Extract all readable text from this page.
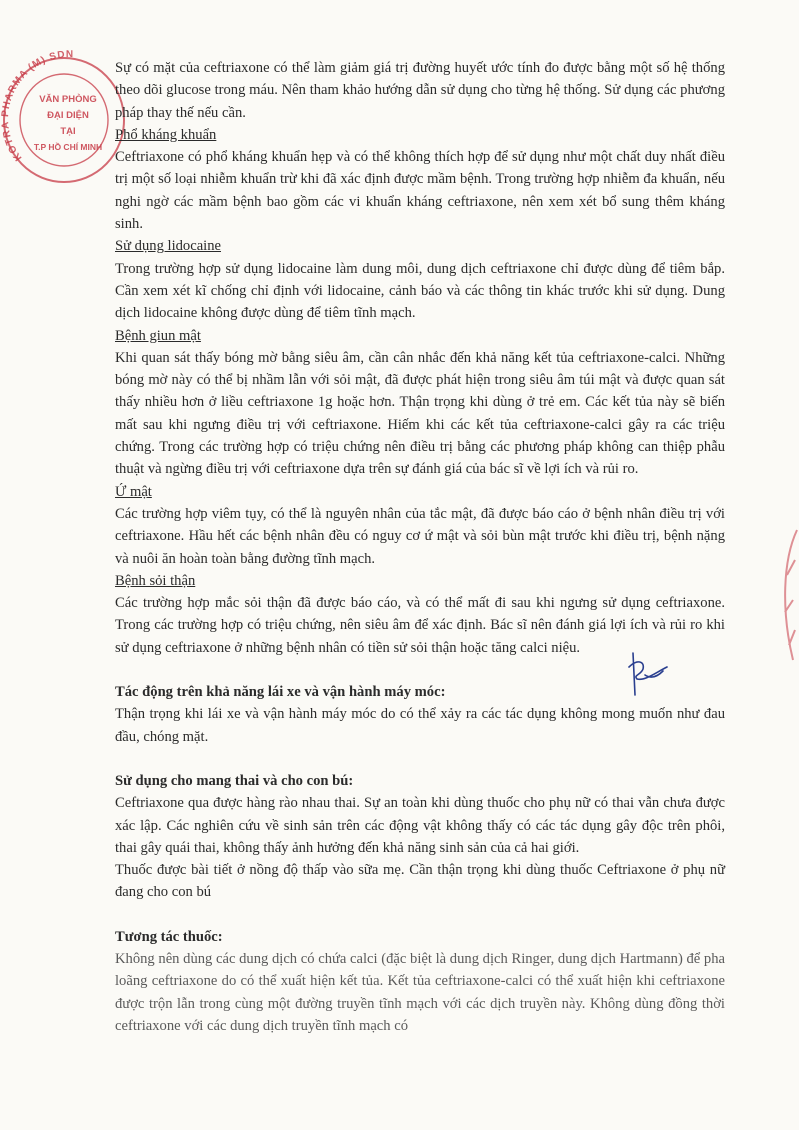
KOTRA PHARMA (M) SDN
VĂN PHÒNG
ĐẠI DIỆN
TẠI
T.P HỒ CHÍ MINH

Sự có mặt của ceftriaxone có thể làm giảm giá trị đường huyết ước tính đo được bằng một số hệ thống theo dõi glucose trong máu. Nên tham khảo hướng dẫn sử dụng cho từng hệ thống. Sử dụng các phương pháp thay thế nếu cần.

Phổ kháng khuẩn

Ceftriaxone có phổ kháng khuẩn hẹp và có thể không thích hợp để sử dụng như một chất duy nhất điều trị một số loại nhiễm khuẩn trừ khi đã xác định được mầm bệnh. Trong trường hợp nhiễm đa khuẩn, nếu nghi ngờ các mầm bệnh bao gồm các vi khuẩn kháng ceftriaxone, nên xem xét bổ sung thêm kháng sinh.

Sử dụng lidocaine

Trong trường hợp sử dụng lidocaine làm dung môi, dung dịch ceftriaxone chỉ được dùng để tiêm bắp. Cần xem xét kĩ chống chỉ định với lidocaine, cảnh báo và các thông tin khác trước khi sử dụng. Dung dịch lidocaine không được dùng để tiêm tĩnh mạch.

Bệnh giun mật

Khi quan sát thấy bóng mờ bằng siêu âm, cần cân nhắc đến khả năng kết tủa ceftriaxone-calci. Những bóng mờ này có thể bị nhầm lẫn với sỏi mật, đã được phát hiện trong siêu âm túi mật và được quan sát thấy nhiều hơn ở liều ceftriaxone 1g hoặc hơn. Thận trọng khi dùng ở trẻ em. Các kết tủa này sẽ biến mất sau khi ngưng điều trị với ceftriaxone. Hiếm khi các kết tủa ceftriaxone-calci gây ra các triệu chứng. Trong các trường hợp có triệu chứng nên điều trị bằng các phương pháp không can thiệp phẫu thuật và ngừng điều trị với ceftriaxone dựa trên sự đánh giá của bác sĩ về lợi ích và rủi ro.

Ứ mật

Các trường hợp viêm tụy, có thể là nguyên nhân của tắc mật, đã được báo cáo ở bệnh nhân điều trị với ceftriaxone. Hầu hết các bệnh nhân đều có nguy cơ ứ mật và sỏi bùn mật trước khi điều trị, bệnh nặng và nuôi ăn hoàn toàn bằng đường tĩnh mạch.

Bệnh sỏi thận

Các trường hợp mắc sỏi thận đã được báo cáo, và có thể mất đi sau khi ngưng sử dụng ceftriaxone. Trong các trường hợp có triệu chứng, nên siêu âm để xác định. Bác sĩ nên đánh giá lợi ích và rủi ro khi sử dụng ceftriaxone ở những bệnh nhân có tiền sử sỏi thận hoặc tăng calci niệu.

Tác động trên khả năng lái xe và vận hành máy móc:

Thận trọng khi lái xe và vận hành máy móc do có thể xảy ra các tác dụng không mong muốn như đau đầu, chóng mặt.

Sử dụng cho mang thai và cho con bú:

Ceftriaxone qua được hàng rào nhau thai. Sự an toàn khi dùng thuốc cho phụ nữ có thai vẫn chưa được xác lập. Các nghiên cứu về sinh sản trên các động vật không thấy có các tác dụng gây độc trên phôi, thai gây quái thai, không thấy ảnh hưởng đến khả năng sinh sản của cả hai giới.

Thuốc được bài tiết ở nồng độ thấp vào sữa mẹ. Cần thận trọng khi dùng thuốc Ceftriaxone ở phụ nữ đang cho con bú

Tương tác thuốc:

Không nên dùng các dung dịch có chứa calci (đặc biệt là dung dịch Ringer, dung dịch Hartmann) để pha loãng ceftriaxone do có thể xuất hiện kết tủa. Kết tủa ceftriaxone-calci có thể xuất hiện khi ceftriaxone được trộn lẫn trong cùng một đường truyền tĩnh mạch với các dịch truyền này. Không dùng đồng thời ceftriaxone với các dung dịch truyền tĩnh mạch có
